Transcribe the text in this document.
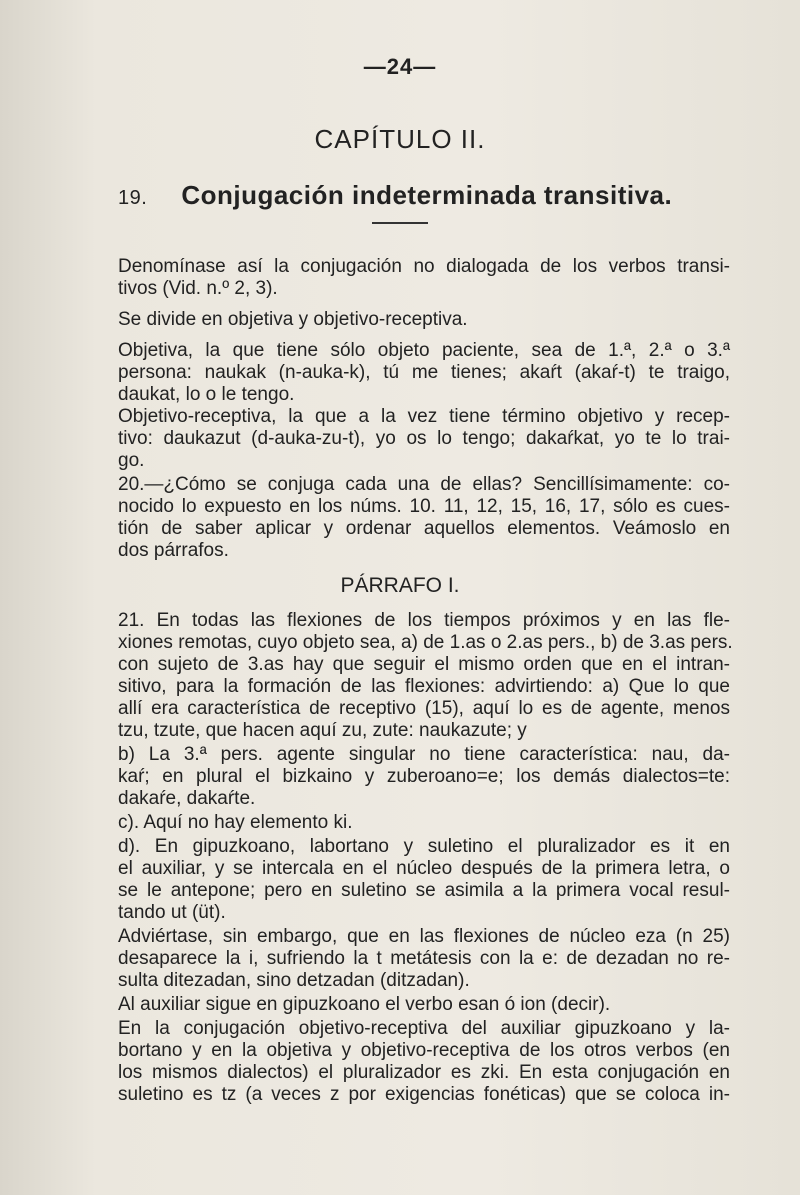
—24—
CAPÍTULO II.
19. Conjugación indeterminada transitiva.
Denomínase así la conjugación no dialogada de los verbos transi-
tivos (Vid. n.º 2, 3).
Se divide en objetiva y objetivo-receptiva.
Objetiva, la que tiene sólo objeto paciente, sea de 1.ª, 2.ª o 3.ª
persona: naukak (n-auka-k), tú me tienes; akaŕt (akaŕ-t) te traigo,
daukat, lo o le tengo.
Objetivo-receptiva, la que a la vez tiene término objetivo y recep-
tivo: daukazut (d-auka-zu-t), yo os lo tengo; dakaŕkat, yo te lo trai-
go.
20.—¿Cómo se conjuga cada una de ellas? Sencillísimamente: co-
nocido lo expuesto en los núms. 10. 11, 12, 15, 16, 17, sólo es cues-
tión de saber aplicar y ordenar aquellos elementos. Veámoslo en
dos párrafos.
PÁRRAFO I.
21. En todas las flexiones de los tiempos próximos y en las fle-
xiones remotas, cuyo objeto sea, a) de 1.as o 2.as pers., b) de 3.as pers.
con sujeto de 3.as hay que seguir el mismo orden que en el intran-
sitivo, para la formación de las flexiones: advirtiendo: a) Que lo que
allí era característica de receptivo (15), aquí lo es de agente, menos
tzu, tzute, que hacen aquí zu, zute: naukazute; y
b) La 3.ª pers. agente singular no tiene característica: nau, da-
kaŕ; en plural el bizkaino y zuberoano=e; los demás dialectos=te:
dakaŕe, dakaŕte.
c). Aquí no hay elemento ki.
d). En gipuzkoano, labortano y suletino el pluralizador es it en
el auxiliar, y se intercala en el núcleo después de la primera letra, o
se le antepone; pero en suletino se asimila a la primera vocal resul-
tando ut (üt).
Adviértase, sin embargo, que en las flexiones de núcleo eza (n 25)
desaparece la i, sufriendo la t metátesis con la e: de dezadan no re-
sulta ditezadan, sino detzadan (ditzadan).
Al auxiliar sigue en gipuzkoano el verbo esan ó ion (decir).
En la conjugación objetivo-receptiva del auxiliar gipuzkoano y la-
bortano y en la objetiva y objetivo-receptiva de los otros verbos (en
los mismos dialectos) el pluralizador es zki. En esta conjugación en
suletino es tz (a veces z por exigencias fonéticas) que se coloca in-
